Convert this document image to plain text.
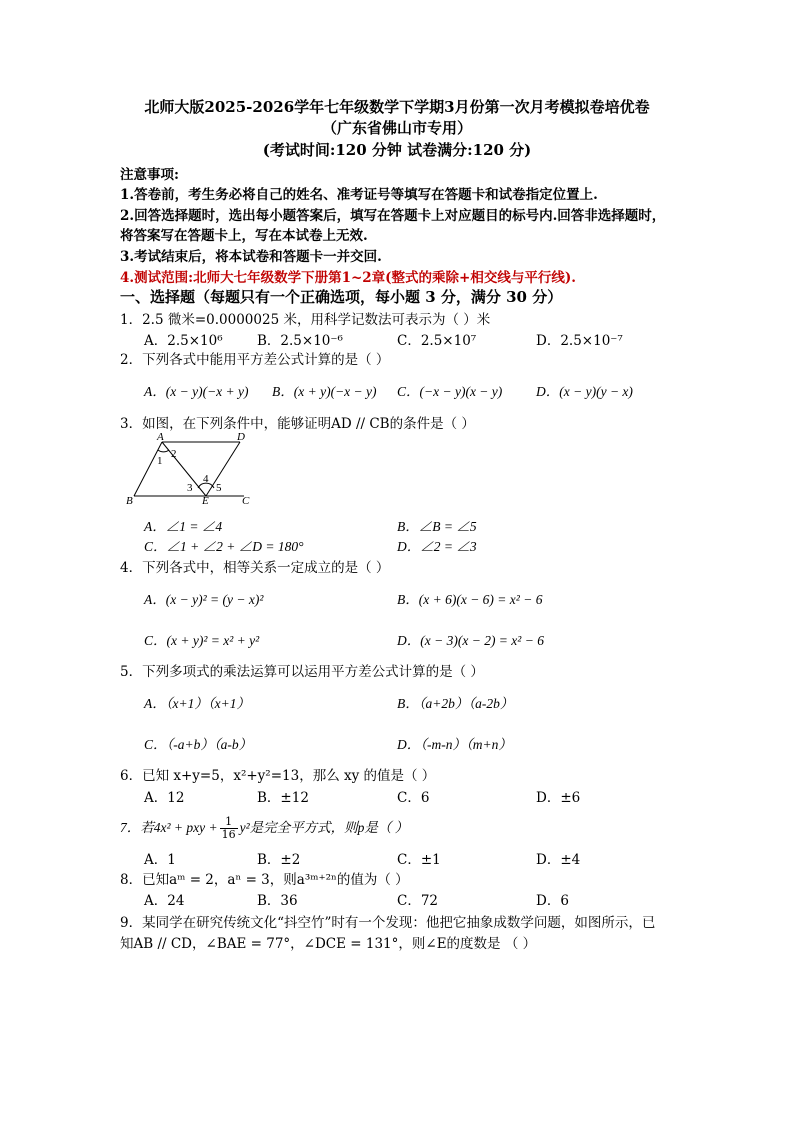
北师大版2025-2026学年七年级数学下学期3月份第一次月考模拟卷培优卷
（广东省佛山市专用）
(考试时间:120 分钟 试卷满分:120 分)
注意事项:
1.答卷前，考生务必将自己的姓名、准考证号等填写在答题卡和试卷指定位置上.
2.回答选择题时，选出每小题答案后，填写在答题卡上对应题目的标号内.回答非选择题时，
将答案写在答题卡上，写在本试卷上无效.
3.考试结束后，将本试卷和答题卡一并交回.
4.测试范围:北师大七年级数学下册第1~2章(整式的乘除+相交线与平行线).
一、选择题（每题只有一个正确选项，每小题 3 分，满分 30 分）
1．2.5 微米=0.0000025 米，用科学记数法可表示为（ ）米
A．2.5×10⁶	B．2.5×10⁻⁶	C．2.5×10⁷	D．2.5×10⁻⁷
2．下列各式中能用平方差公式计算的是（ ）
A．(x − y)(−x + y) B．(x + y)(−x − y) C．(−x − y)(x − y) D．(x − y)(y − x)
3．如图，在下列条件中，能够证明AD // CB的条件是（ ）
A	D
B	E	C
1
2
3
4
5
A．∠1 = ∠4	B．∠B = ∠5
C．∠1 + ∠2 + ∠D = 180°	D．∠2 = ∠3
4．下列各式中，相等关系一定成立的是（ ）
A．(x − y)² = (y − x)²	B．(x + 6)(x − 6) = x² − 6
C．(x + y)² = x² + y²	D．(x − 3)(x − 2) = x² − 6
5．下列多项式的乘法运算可以运用平方差公式计算的是（ ）
A．（x+1）（x+1）	B．（a+2b）（a-2b）
C．（-a+b）（a-b）	D．（-m-n）（m+n）
6．已知 x+y=5，x²+y²=13，那么 xy 的值是（ ）
A．12	B．±12	C．6	D．±6
7．若4x² + pxy + $\frac{1}{16} y^2$是完全平方式，则p是（ ）
A．1	B．±2	C．±1	D．±4
8．已知aᵐ = 2，aⁿ = 3，则a³ᵐ⁺²ⁿ的值为（ ）
A．24	B．36	C．72	D．6
9．某同学在研究传统文化“抖空竹”时有一个发现：他把它抽象成数学问题，如图所示，已
知AB // CD，∠BAE = 77°，∠DCE = 131°，则∠E的度数是 （ ）
